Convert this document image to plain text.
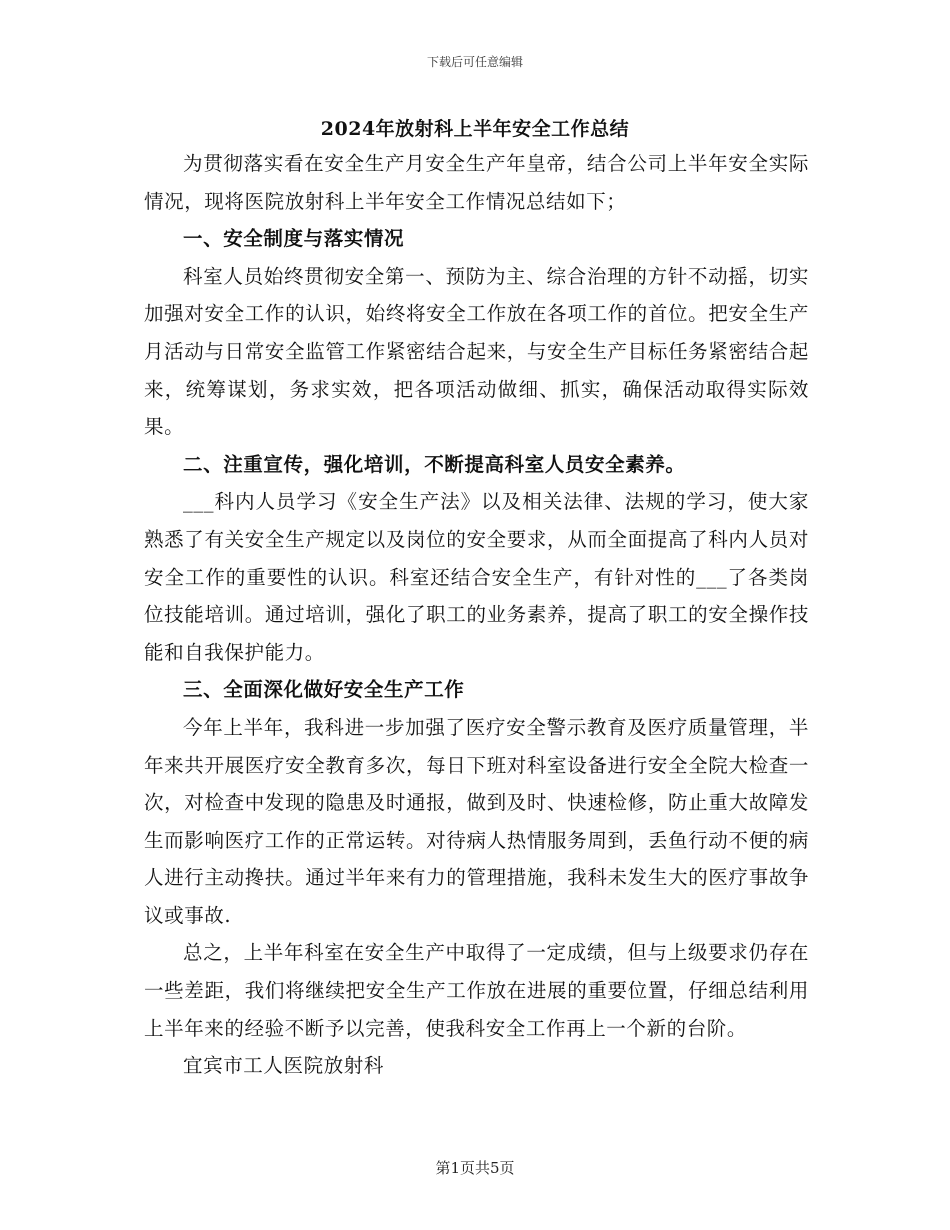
下载后可任意编辑
2024年放射科上半年安全工作总结

为贯彻落实看在安全生产月安全生产年皇帝，结合公司上半年安全实际情况，现将医院放射科上半年安全工作情况总结如下；

一、安全制度与落实情况

科室人员始终贯彻安全第一、预防为主、综合治理的方针不动摇，切实加强对安全工作的认识，始终将安全工作放在各项工作的首位。把安全生产月活动与日常安全监管工作紧密结合起来，与安全生产目标任务紧密结合起来，统筹谋划，务求实效，把各项活动做细、抓实，确保活动取得实际效果。

二、注重宣传，强化培训，不断提高科室人员安全素养。

___科内人员学习《安全生产法》以及相关法律、法规的学习，使大家熟悉了有关安全生产规定以及岗位的安全要求，从而全面提高了科内人员对安全工作的重要性的认识。科室还结合安全生产，有针对性的___了各类岗位技能培训。通过培训，强化了职工的业务素养，提高了职工的安全操作技能和自我保护能力。

三、全面深化做好安全生产工作

今年上半年，我科进一步加强了医疗安全警示教育及医疗质量管理，半年来共开展医疗安全教育多次，每日下班对科室设备进行安全全院大检查一次，对检查中发现的隐患及时通报，做到及时、快速检修，防止重大故障发生而影响医疗工作的正常运转。对待病人热情服务周到，丢鱼行动不便的病人进行主动搀扶。通过半年来有力的管理措施，我科未发生大的医疗事故争议或事故.

总之，上半年科室在安全生产中取得了一定成绩，但与上级要求仍存在一些差距，我们将继续把安全生产工作放在进展的重要位置，仔细总结利用上半年来的经验不断予以完善，使我科安全工作再上一个新的台阶。

宜宾市工人医院放射科

第1页共5页
